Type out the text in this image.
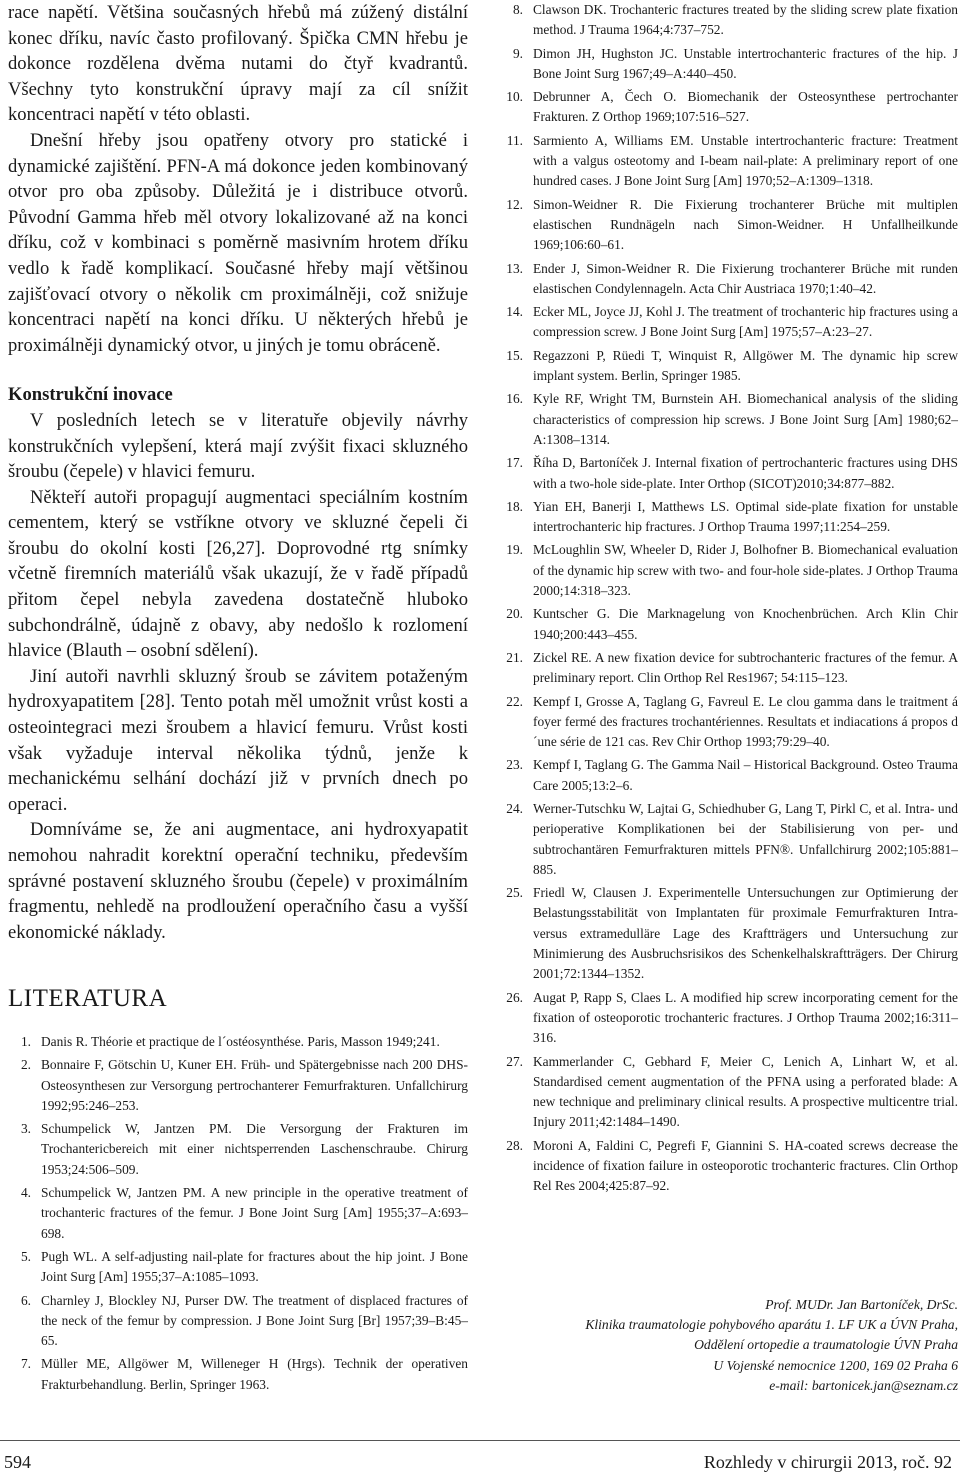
race napětí. Většina současných hřebů má zúžený distální konec dříku, navíc často profilovaný. Špička CMN hřebu je dokonce rozdělena dvěma nutami do čtyř kvadrantů. Všechny tyto konstrukční úpravy mají za cíl snížit koncentraci napětí v této oblasti.

Dnešní hřeby jsou opatřeny otvory pro statické i dynamické zajištění. PFN-A má dokonce jeden kombinovaný otvor pro oba způsoby. Důležitá je i distribuce otvorů. Původní Gamma hřeb měl otvory lokalizované až na konci dříku, což v kombinaci s poměrně masivním hrotem dříku vedlo k řadě komplikací. Současné hřeby mají většinou zajišťovací otvory o několik cm proximálněji, což snižuje koncentraci napětí na konci dříku. U některých hřebů je proximálněji dynamický otvor, u jiných je tomu obráceně.

Konstrukční inovace

V posledních letech se v literatuře objevily návrhy konstrukčních vylepšení, která mají zvýšit fixaci skluzného šroubu (čepele) v hlavici femuru.

Někteří autoři propagují augmentaci speciálním kostním cementem, který se vstříkne otvory ve skluzné čepeli či šroubu do okolní kosti [26,27]. Doprovodné rtg snímky včetně firemních materiálů však ukazují, že v řadě případů přitom čepel nebyla zavedena dostatečně hluboko subchondrálně, údajně z obavy, aby nedošlo k rozlomení hlavice (Blauth – osobní sdělení).

Jiní autoři navrhli skluzný šroub se závitem potaženým hydroxyapatitem [28]. Tento potah měl umožnit vrůst kosti a osteointegraci mezi šroubem a hlavicí femuru. Vrůst kosti však vyžaduje interval několika týdnů, jenže k mechanickému selhání dochází již v prvních dnech po operaci.

Domníváme se, že ani augmentace, ani hydroxyapatit nemohou nahradit korektní operační techniku, především správné postavení skluzného šroubu (čepele) v proximálním fragmentu, nehledě na prodloužení operačního času a vyšší ekonomické náklady.

LITERATURA
1. Danis R. Théorie et practique de l´ostéosynthése. Paris, Masson 1949;241.
2. Bonnaire F, Götschin U, Kuner EH. Früh- und Spätergebnisse nach 200 DHS-Osteosynthesen zur Versorgung pertrochanterer Femurfrakturen. Unfallchirurg 1992;95:246–253.
3. Schumpelick W, Jantzen PM. Die Versorgung der Frakturen im Trochantericbereich mit einer nichtsperrenden Laschenschraube. Chirurg 1953;24:506–509.
4. Schumpelick W, Jantzen PM. A new principle in the operative treatment of trochanteric fractures of the femur. J Bone Joint Surg [Am] 1955;37–A:693–698.
5. Pugh WL. A self-adjusting nail-plate for fractures about the hip joint. J Bone Joint Surg [Am] 1955;37–A:1085–1093.
6. Charnley J, Blockley NJ, Purser DW. The treatment of displaced fractures of the neck of the femur by compression. J Bone Joint Surg [Br] 1957;39–B:45–65.
7. Müller ME, Allgöwer M, Willeneger H (Hrgs). Technik der operativen Frakturbehandlung. Berlin, Springer 1963.
8. Clawson DK. Trochanteric fractures treated by the sliding screw plate fixation method. J Trauma 1964;4:737–752.
9. Dimon JH, Hughston JC. Unstable intertrochanteric fractures of the hip. J Bone Joint Surg 1967;49–A:440–450.
10. Debrunner A, Čech O. Biomechanik der Osteosynthese pertrochanter Frakturen. Z Orthop 1969;107:516–527.
11. Sarmiento A, Williams EM. Unstable intertrochanteric fracture: Treatment with a valgus osteotomy and I-beam nail-plate: A preliminary report of one hundred cases. J Bone Joint Surg [Am] 1970;52–A:1309–1318.
12. Simon-Weidner R. Die Fixierung trochanterer Brüche mit multiplen elastischen Rundnägeln nach Simon-Weidner. H Unfallheilkunde 1969;106:60–61.
13. Ender J, Simon-Weidner R. Die Fixierung trochanterer Brüche mit runden elastischen Condylennageln. Acta Chir Austriaca 1970;1:40–42.
14. Ecker ML, Joyce JJ, Kohl J. The treatment of trochanteric hip fractures using a compression screw. J Bone Joint Surg [Am] 1975;57–A:23–27.
15. Regazzoni P, Rüedi T, Winquist R, Allgöwer M. The dynamic hip screw implant system. Berlin, Springer 1985.
16. Kyle RF, Wright TM, Burnstein AH. Biomechanical analysis of the sliding characteristics of compression hip screws. J Bone Joint Surg [Am] 1980;62–A:1308–1314.
17. Říha D, Bartoníček J. Internal fixation of pertrochanteric fractures using DHS with a two-hole side-plate. Inter Orthop (SICOT)2010;34:877–882.
18. Yian EH, Banerji I, Matthews LS. Optimal side-plate fixation for unstable intertrochanteric hip fractures. J Orthop Trauma 1997;11:254–259.
19. McLoughlin SW, Wheeler D, Rider J, Bolhofner B. Biomechanical evaluation of the dynamic hip screw with two- and four-hole side-plates. J Orthop Trauma 2000;14:318–323.
20. Kuntscher G. Die Marknagelung von Knochenbrüchen. Arch Klin Chir 1940;200:443–455.
21. Zickel RE. A new fixation device for subtrochanteric fractures of the femur. A preliminary report. Clin Orthop Rel Res1967; 54:115–123.
22. Kempf I, Grosse A, Taglang G, Favreul E. Le clou gamma dans le traitment á foyer fermé des fractures trochantériennes. Resultats et indiacations á propos d´une série de 121 cas. Rev Chir Orthop 1993;79:29–40.
23. Kempf I, Taglang G. The Gamma Nail – Historical Background. Osteo Trauma Care 2005;13:2–6.
24. Werner-Tutschku W, Lajtai G, Schiedhuber G, Lang T, Pirkl C, et al. Intra- und perioperative Komplikationen bei der Stabilisierung von per- und subtrochantären Femurfrakturen mittels PFN®. Unfallchirurg 2002;105:881–885.
25. Friedl W, Clausen J. Experimentelle Untersuchungen zur Optimierung der Belastungsstabilität von Implantaten für proximale Femurfrakturen Intra- versus extramedulläre Lage des Kraftträgers und Untersuchung zur Minimierung des Ausbruchsrisikos des Schenkelhalskraftträgers. Der Chirurg 2001;72:1344–1352.
26. Augat P, Rapp S, Claes L. A modified hip screw incorporating cement for the fixation of osteoporotic trochanteric fractures. J Orthop Trauma 2002;16:311–316.
27. Kammerlander C, Gebhard F, Meier C, Lenich A, Linhart W, et al. Standardised cement augmentation of the PFNA using a perforated blade: A new technique and preliminary clinical results. A prospective multicentre trial. Injury 2011;42:1484–1490.
28. Moroni A, Faldini C, Pegrefi F, Giannini S. HA-coated screws decrease the incidence of fixation failure in osteoporotic trochanteric fractures. Clin Orthop Rel Res 2004;425:87–92.
Prof. MUDr. Jan Bartoníček, DrSc.
Klinika traumatologie pohybového aparátu 1. LF UK a ÚVN Praha,
Oddělení ortopedie a traumatologie ÚVN Praha
U Vojenské nemocnice 1200, 169 02 Praha 6
e-mail: bartonicek.jan@seznam.cz
594	Rozhledy v chirurgii 2013, roč. 92
